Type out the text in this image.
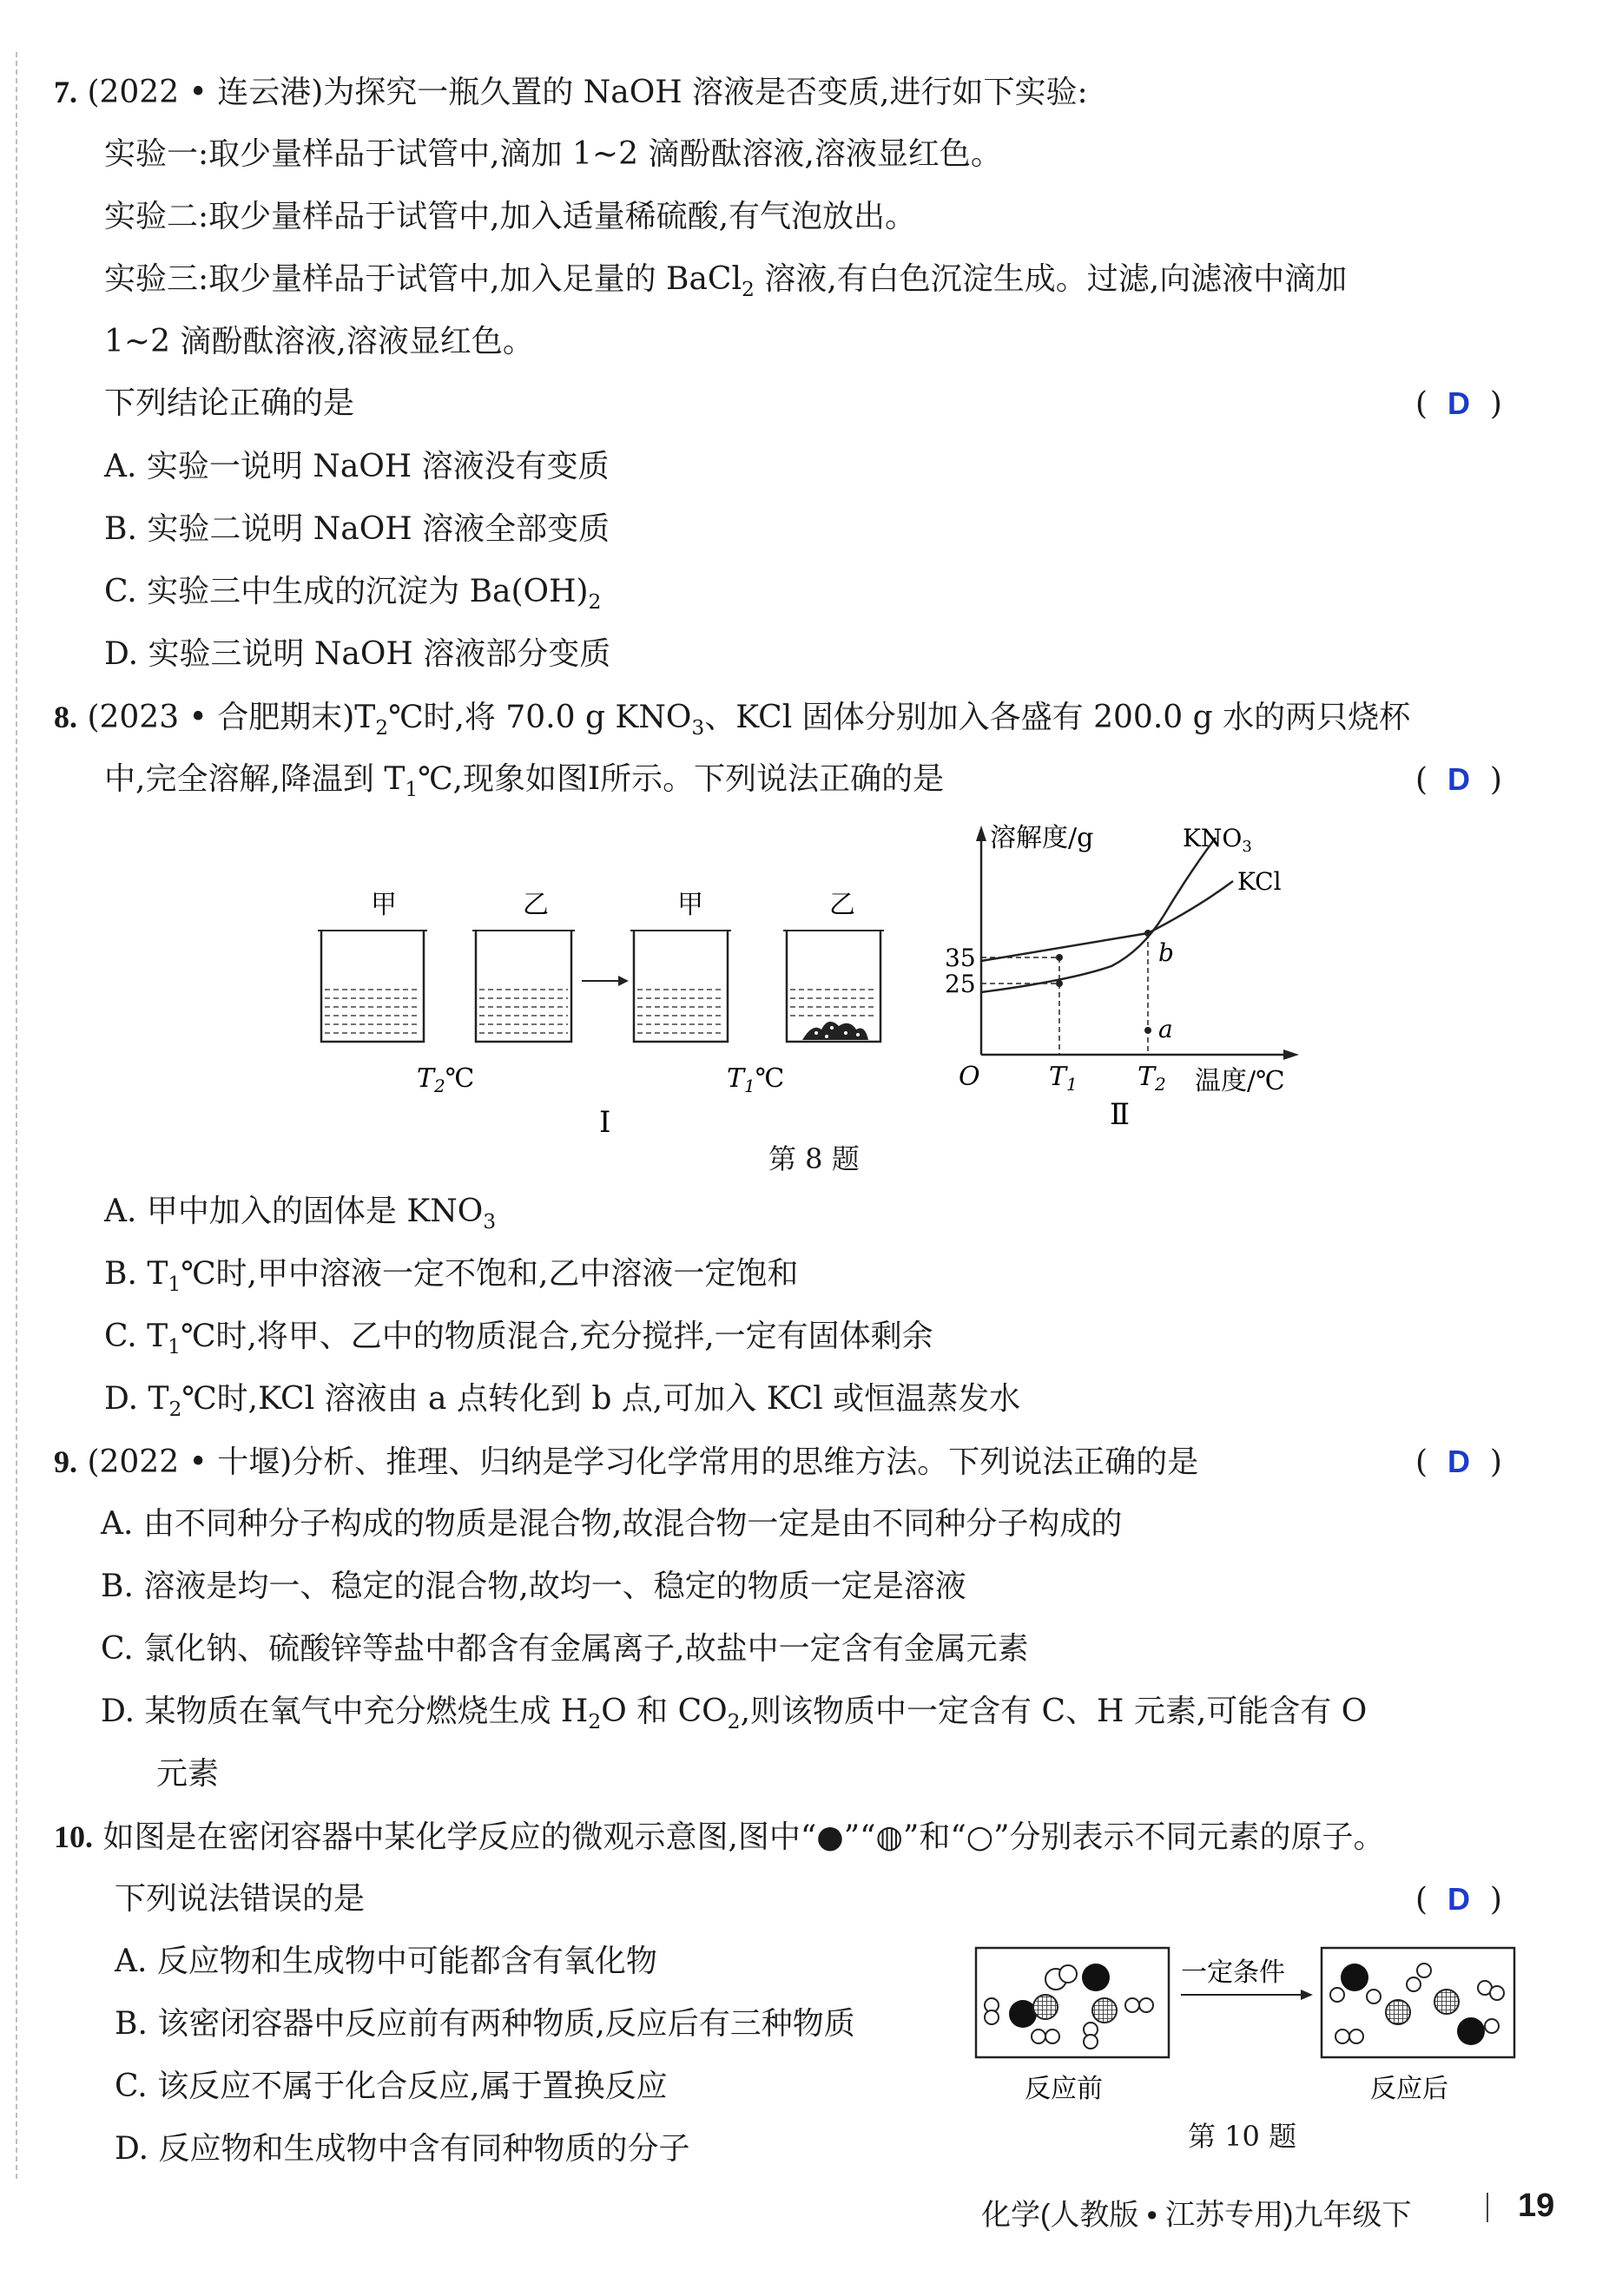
7. (2022 • 连云港)为探究一瓶久置的 NaOH 溶液是否变质,进行如下实验:
实验一:取少量样品于试管中,滴加 1~2 滴酚酞溶液,溶液显红色。
实验二:取少量样品于试管中,加入适量稀硫酸,有气泡放出。
实验三:取少量样品于试管中,加入足量的 BaCl$_2$ 溶液,有白色沉淀生成。过滤,向滤液中滴加
1~2 滴酚酞溶液,溶液显红色。
下列结论正确的是	(  D  )
A. 实验一说明 NaOH 溶液没有变质
B. 实验二说明 NaOH 溶液全部变质
C. 实验三中生成的沉淀为 $Ba(OH)_2$
D. 实验三说明 NaOH 溶液部分变质
8. (2023 • 合肥期末)$T_2℃$时,将 70.0 g $KNO_3$、KCl 固体分别加入各盛有 200.0 g 水的两只烧杯
中,完全溶解,降温到 $T_1℃$,现象如图Ⅰ所示。下列说法正确的是	(  D  )
甲	乙	甲	乙
$T_2℃$	$T_1℃$
Ⅰ
溶解度/g
温度/℃
O
35
25
b
a
$T_1$ $T_2$
$KNO_3$
KCl
Ⅱ
第 8 题
A. 甲中加入的固体是 $KNO_3$
B. $T_1℃$时,甲中溶液一定不饱和,乙中溶液一定饱和
C. $T_1℃$时,将甲、乙中的物质混合,充分搅拌,一定有固体剩余
D. $T_2℃$时,KCl 溶液由 a 点转化到 b 点,可加入 KCl 或恒温蒸发水
9. (2022 • 十堰)分析、推理、归纳是学习化学常用的思维方法。下列说法正确的是	(  D  )
A. 由不同种分子构成的物质是混合物,故混合物一定是由不同种分子构成的
B. 溶液是均一、稳定的混合物,故均一、稳定的物质一定是溶液
C. 氯化钠、硫酸锌等盐中都含有金属离子,故盐中一定含有金属元素
D. 某物质在氧气中充分燃烧生成 $H_2O$ 和 $CO_2$,则该物质中一定含有 C、H 元素,可能含有 O
元素
10. 如图是在密闭容器中某化学反应的微观示意图,图中“●”“◍”和“○”分别表示不同元素的原子。
下列说法错误的是	(  D  )
A. 反应物和生成物中可能都含有氧化物
B. 该密闭容器中反应前有两种物质,反应后有三种物质
C. 该反应不属于化合反应,属于置换反应
D. 反应物和生成物中含有同种物质的分子
一定条件
反应前	反应后
第 10 题
化学(人教版 • 江苏专用)九年级下	19
